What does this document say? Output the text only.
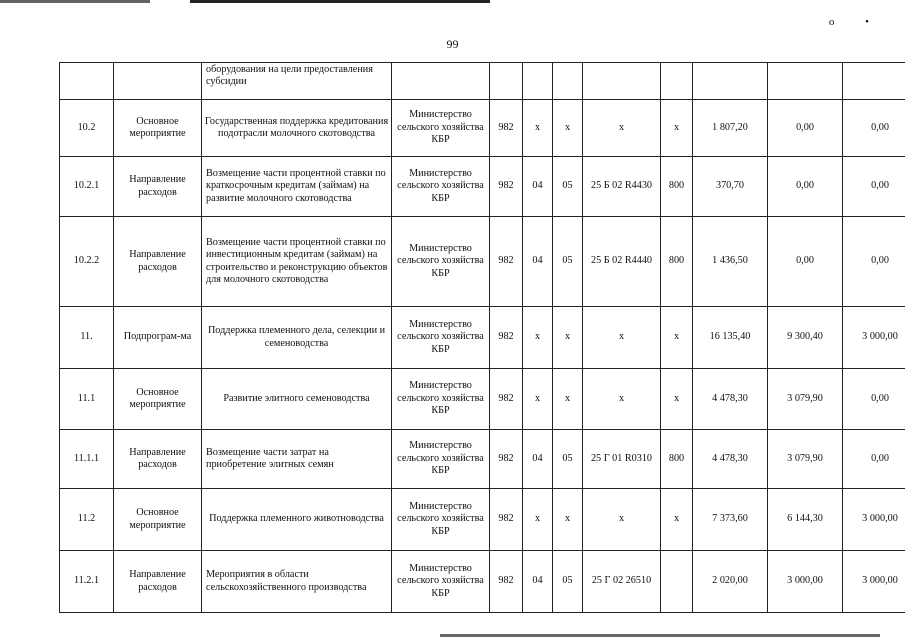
о •
99
		оборудования на цели предоставления субсидии									
10.2	Основное мероприятие	Государственная поддержка кредитования подотрасли молочного скотоводства	Министерство сельского хозяйства КБР	982	х	х	х	х	1 807,20	0,00	0,00
10.2.1	Направление расходов	Возмещение части процентной ставки по краткосрочным кредитам (займам) на развитие молочного скотоводства	Министерство сельского хозяйства КБР	982	04	05	25 Б 02 R4430	800	370,70	0,00	0,00
10.2.2	Направление расходов	Возмещение части процентной ставки по инвестиционным кредитам (займам) на строительство и реконструкцию объектов для молочного скотоводства	Министерство сельского хозяйства КБР	982	04	05	25 Б 02 R4440	800	1 436,50	0,00	0,00
11.	Подпрограм-ма	Поддержка племенного дела, селекции и семеноводства	Министерство сельского хозяйства КБР	982	х	х	х	х	16 135,40	9 300,40	3 000,00
11.1	Основное мероприятие	Развитие элитного семеноводства	Министерство сельского хозяйства КБР	982	х	х	х	х	4 478,30	3 079,90	0,00
11.1.1	Направление расходов	Возмещение части затрат на приобретение элитных семян	Министерство сельского хозяйства КБР	982	04	05	25 Г 01 R0310	800	4 478,30	3 079,90	0,00
11.2	Основное мероприятие	Поддержка племенного животноводства	Министерство сельского хозяйства КБР	982	х	х	х	х	7 373,60	6 144,30	3 000,00
11.2.1	Направление расходов	Мероприятия в области сельскохозяйственного производства	Министерство сельского хозяйства КБР	982	04	05	25 Г 02 26510		2 020,00	3 000,00	3 000,00
